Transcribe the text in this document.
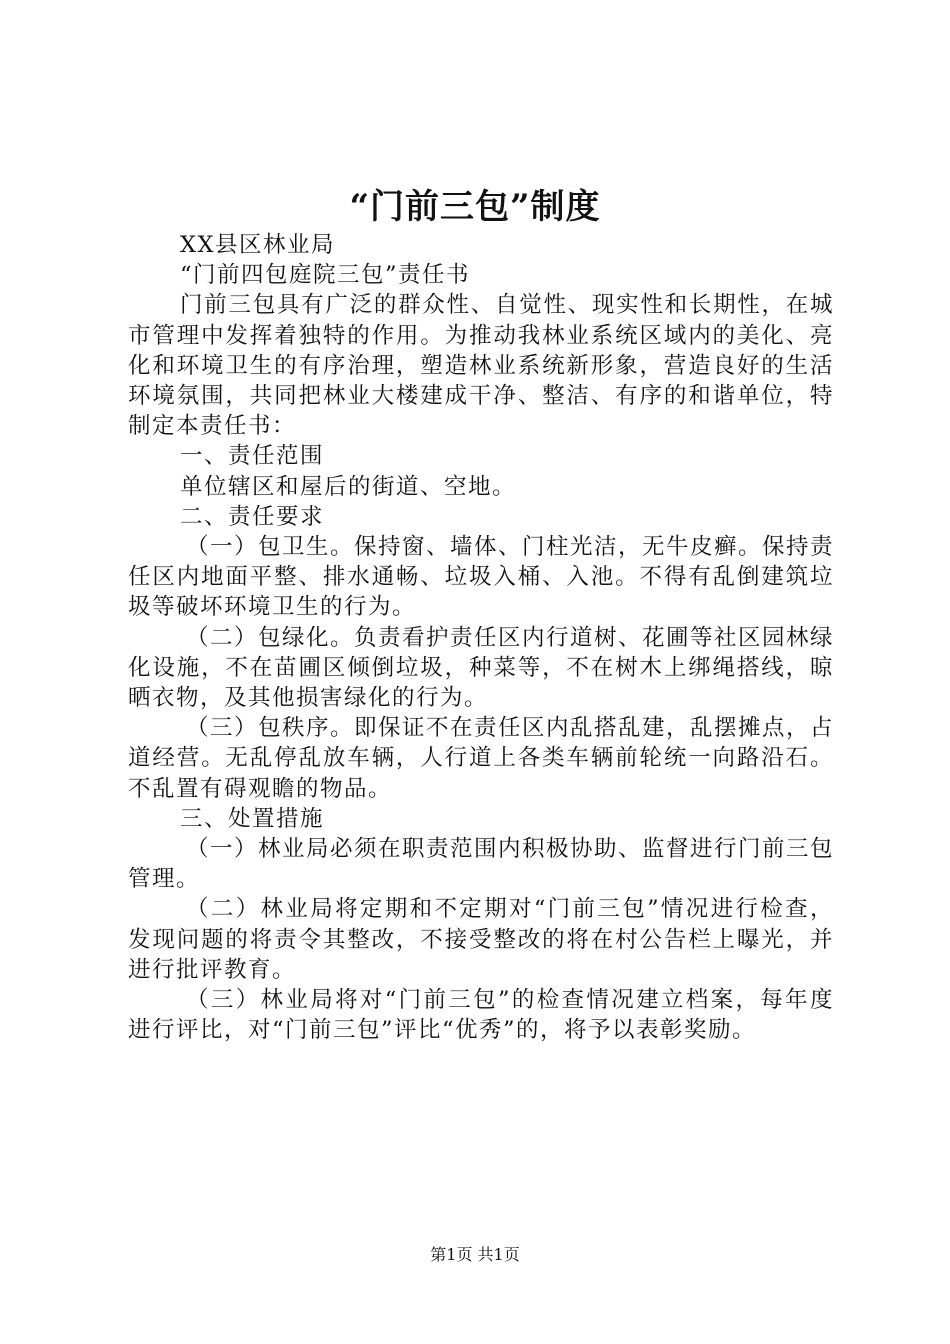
“门前三包”制度

XX县区林业局

“门前四包庭院三包”责任书

门前三包具有广泛的群众性、自觉性、现实性和长期性，在城市管理中发挥着独特的作用。为推动我林业系统区域内的美化、亮化和环境卫生的有序治理，塑造林业系统新形象，营造良好的生活环境氛围，共同把林业大楼建成干净、整洁、有序的和谐单位，特制定本责任书：

一、责任范围

单位辖区和屋后的街道、空地。

二、责任要求

（一）包卫生。保持窗、墙体、门柱光洁，无牛皮癣。保持责任区内地面平整、排水通畅、垃圾入桶、入池。不得有乱倒建筑垃圾等破坏环境卫生的行为。

（二）包绿化。负责看护责任区内行道树、花圃等社区园林绿化设施，不在苗圃区倾倒垃圾，种菜等，不在树木上绑绳搭线，晾晒衣物，及其他损害绿化的行为。

（三）包秩序。即保证不在责任区内乱搭乱建，乱摆摊点，占道经营。无乱停乱放车辆，人行道上各类车辆前轮统一向路沿石。不乱置有碍观瞻的物品。

三、处置措施

（一）林业局必须在职责范围内积极协助、监督进行门前三包管理。

（二）林业局将定期和不定期对“门前三包”情况进行检查，发现问题的将责令其整改，不接受整改的将在村公告栏上曝光，并进行批评教育。

（三）林业局将对“门前三包”的检查情况建立档案，每年度进行评比，对“门前三包”评比“优秀”的，将予以表彰奖励。

第1页 共1页
